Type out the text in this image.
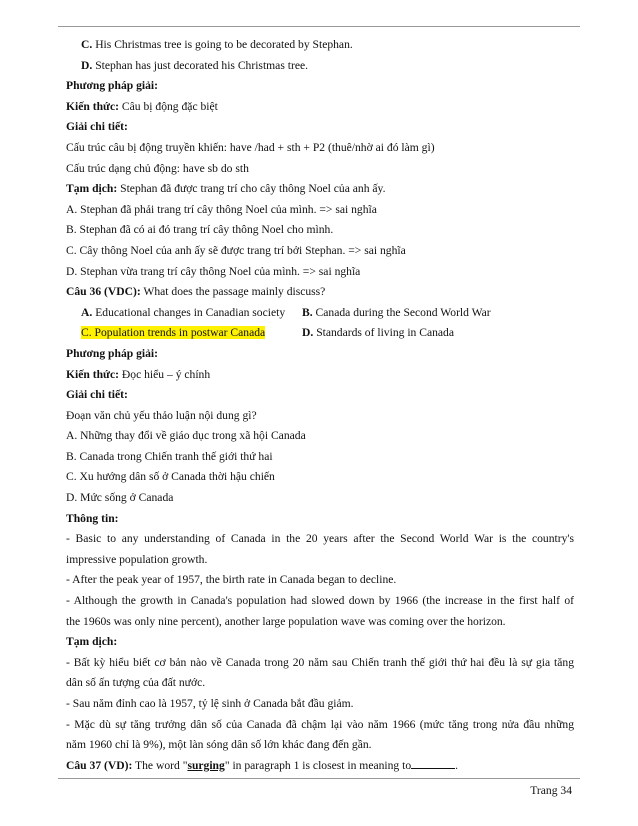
C. His Christmas tree is going to be decorated by Stephan.
D. Stephan has just decorated his Christmas tree.
Phương pháp giải:
Kiến thức: Câu bị động đặc biệt
Giải chi tiết:
Cấu trúc câu bị động truyền khiến: have /had + sth + P2 (thuê/nhờ ai đó làm gì)
Cấu trúc dạng chủ động: have sb do sth
Tạm dịch: Stephan đã được trang trí cho cây thông Noel của anh ấy.
A. Stephan đã phải trang trí cây thông Noel của mình. => sai nghĩa
B. Stephan đã có ai đó trang trí cây thông Noel cho mình.
C. Cây thông Noel của anh ấy sẽ được trang trí bởi Stephan. => sai nghĩa
D. Stephan vừa trang trí cây thông Noel của mình. => sai nghĩa
Câu 36 (VDC): What does the passage mainly discuss?
A. Educational changes in Canadian society	B. Canada during the Second World War
C. Population trends in postwar Canada	D. Standards of living in Canada
Phương pháp giải:
Kiến thức: Đọc hiểu – ý chính
Giải chi tiết:
Đoạn văn chủ yếu thảo luận nội dung gì?
A. Những thay đổi về giáo dục trong xã hội Canada
B. Canada trong Chiến tranh thế giới thứ hai
C. Xu hướng dân số ở Canada thời hậu chiến
D. Mức sống ở Canada
Thông tin:
- Basic to any understanding of Canada in the 20 years after the Second World War is the country's
impressive population growth.
- After the peak year of 1957, the birth rate in Canada began to decline.
- Although the growth in Canada's population had slowed down by 1966 (the increase in the first half of
the 1960s was only nine percent), another large population wave was coming over the horizon.
Tạm dịch:
- Bất kỳ hiểu biết cơ bản nào về Canada trong 20 năm sau Chiến tranh thế giới thứ hai đều là sự gia tăng
dân số ấn tượng của đất nước.
- Sau năm đỉnh cao là 1957, tỷ lệ sinh ở Canada bắt đầu giảm.
- Mặc dù sự tăng trưởng dân số của Canada đã chậm lại vào năm 1966 (mức tăng trong nửa đầu những
năm 1960 chỉ là 9%), một làn sóng dân số lớn khác đang đến gần.
Câu 37 (VD): The word "surging" in paragraph 1 is closest in meaning to	.
Trang 34
